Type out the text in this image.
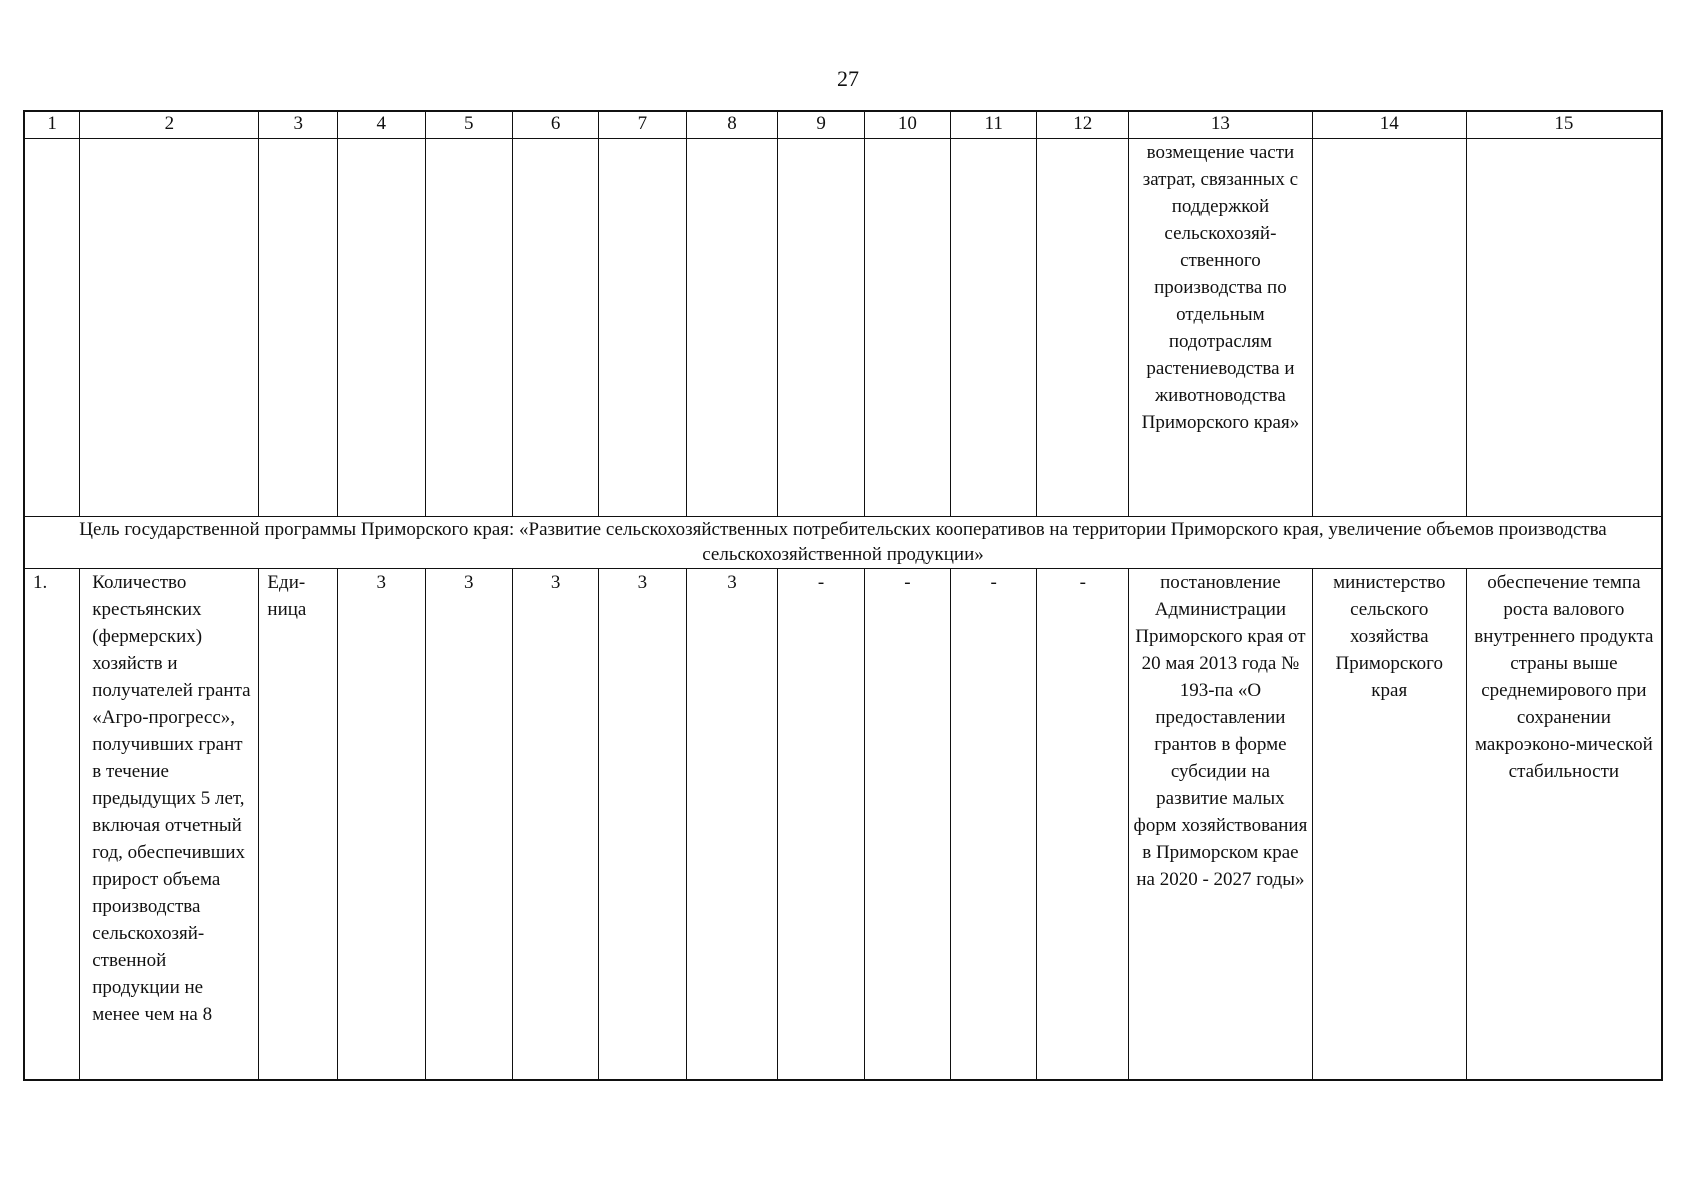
27
1	2	3	4	5	6	7	8	9	10	11	12	13	14	15
												возмещение части затрат, связанных с поддержкой сельскохозяй-ственного производства по отдельным подотраслям растениеводства и животноводства Приморского края»		
Цель государственной программы Приморского края: «Развитие сельскохозяйственных потребительских кооперативов на территории Приморского края, увеличение объемов производства сельскохозяйственной продукции»														
1.	Количество крестьянских (фермерских) хозяйств и получателей гранта «Агро-прогресс», получивших грант в течение предыдущих 5 лет, включая отчетный год, обеспечивших прирост объема производства сельскохозяй-ственной продукции не менее чем на 8	Еди-ница	3	3	3	3	3	-	-	-	-	постановление Администрации Приморского края от 20 мая 2013 года № 193-па «О предоставлении грантов в форме субсидии на развитие малых форм хозяйствования в Приморском крае на 2020 - 2027 годы»	министерство сельского хозяйства Приморского края	обеспечение темпа роста валового внутреннего продукта страны выше среднемирового при сохранении макроэконо-мической стабильности
